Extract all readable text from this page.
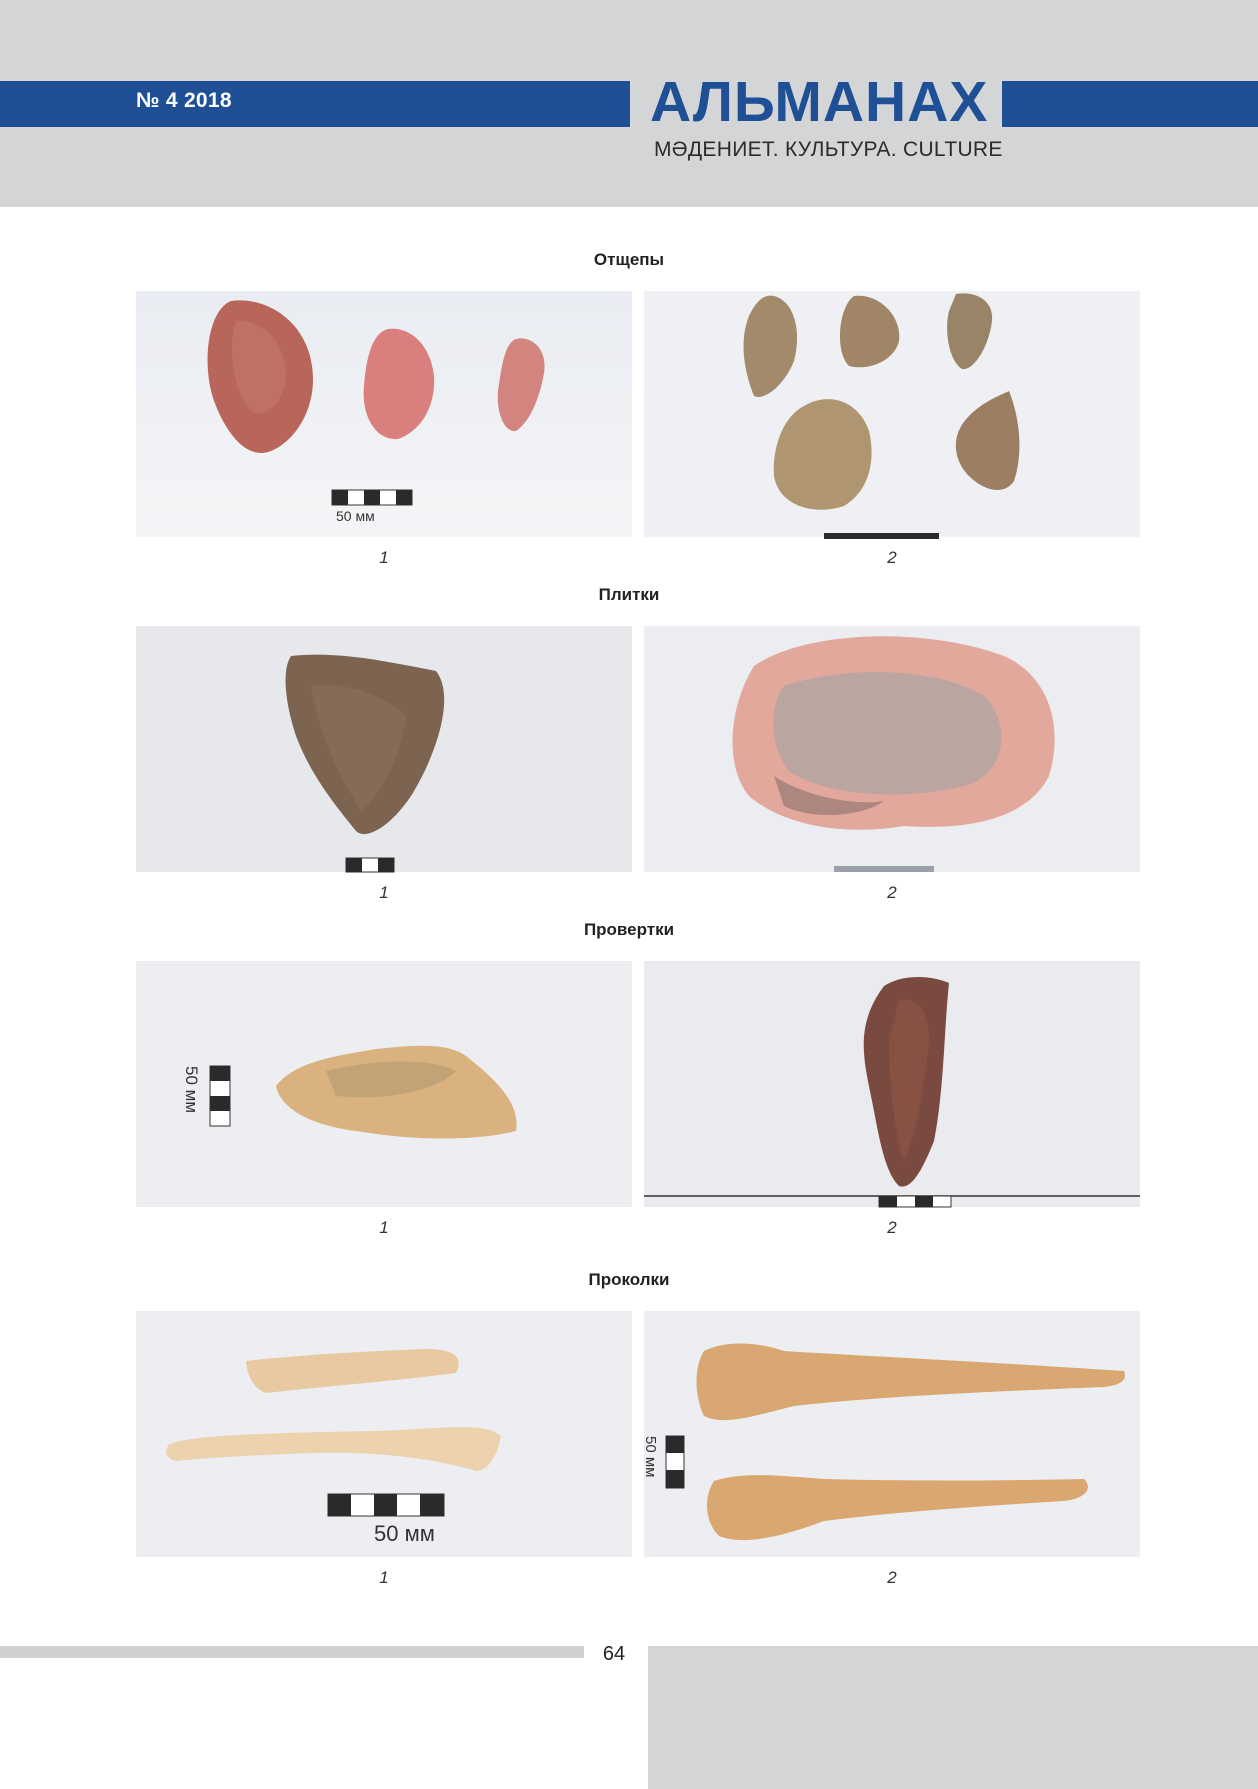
№ 4 2018	АЛЬМАНАХ
МӘДЕНИЕТ. КУЛЬТУРА. CULTURE
Отщепы
50 мм
1	2
Плитки
1	2
Провертки
50 мм
1	2
Проколки
50 мм
1
50 мм
2
64
